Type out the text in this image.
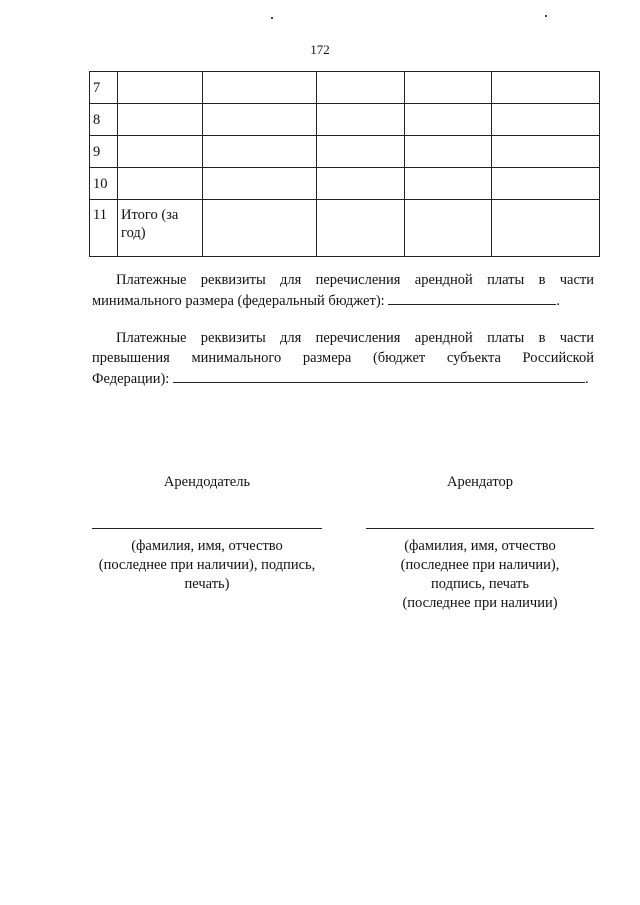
172
7					
8					
9					
10					
11	Итого (за
год)				

Платежные реквизиты для перечисления арендной платы в части
минимального размера (федеральный бюджет):	.
Платежные реквизиты для перечисления арендной платы в части
превышения минимального размера (бюджет субъекта Российской
Федерации):	.
Арендодатель	Арендатор
(фамилия, имя, отчество
(последнее при наличии), подпись,
печать)
(фамилия, имя, отчество
(последнее при наличии),
подпись, печать
(последнее при наличии)
